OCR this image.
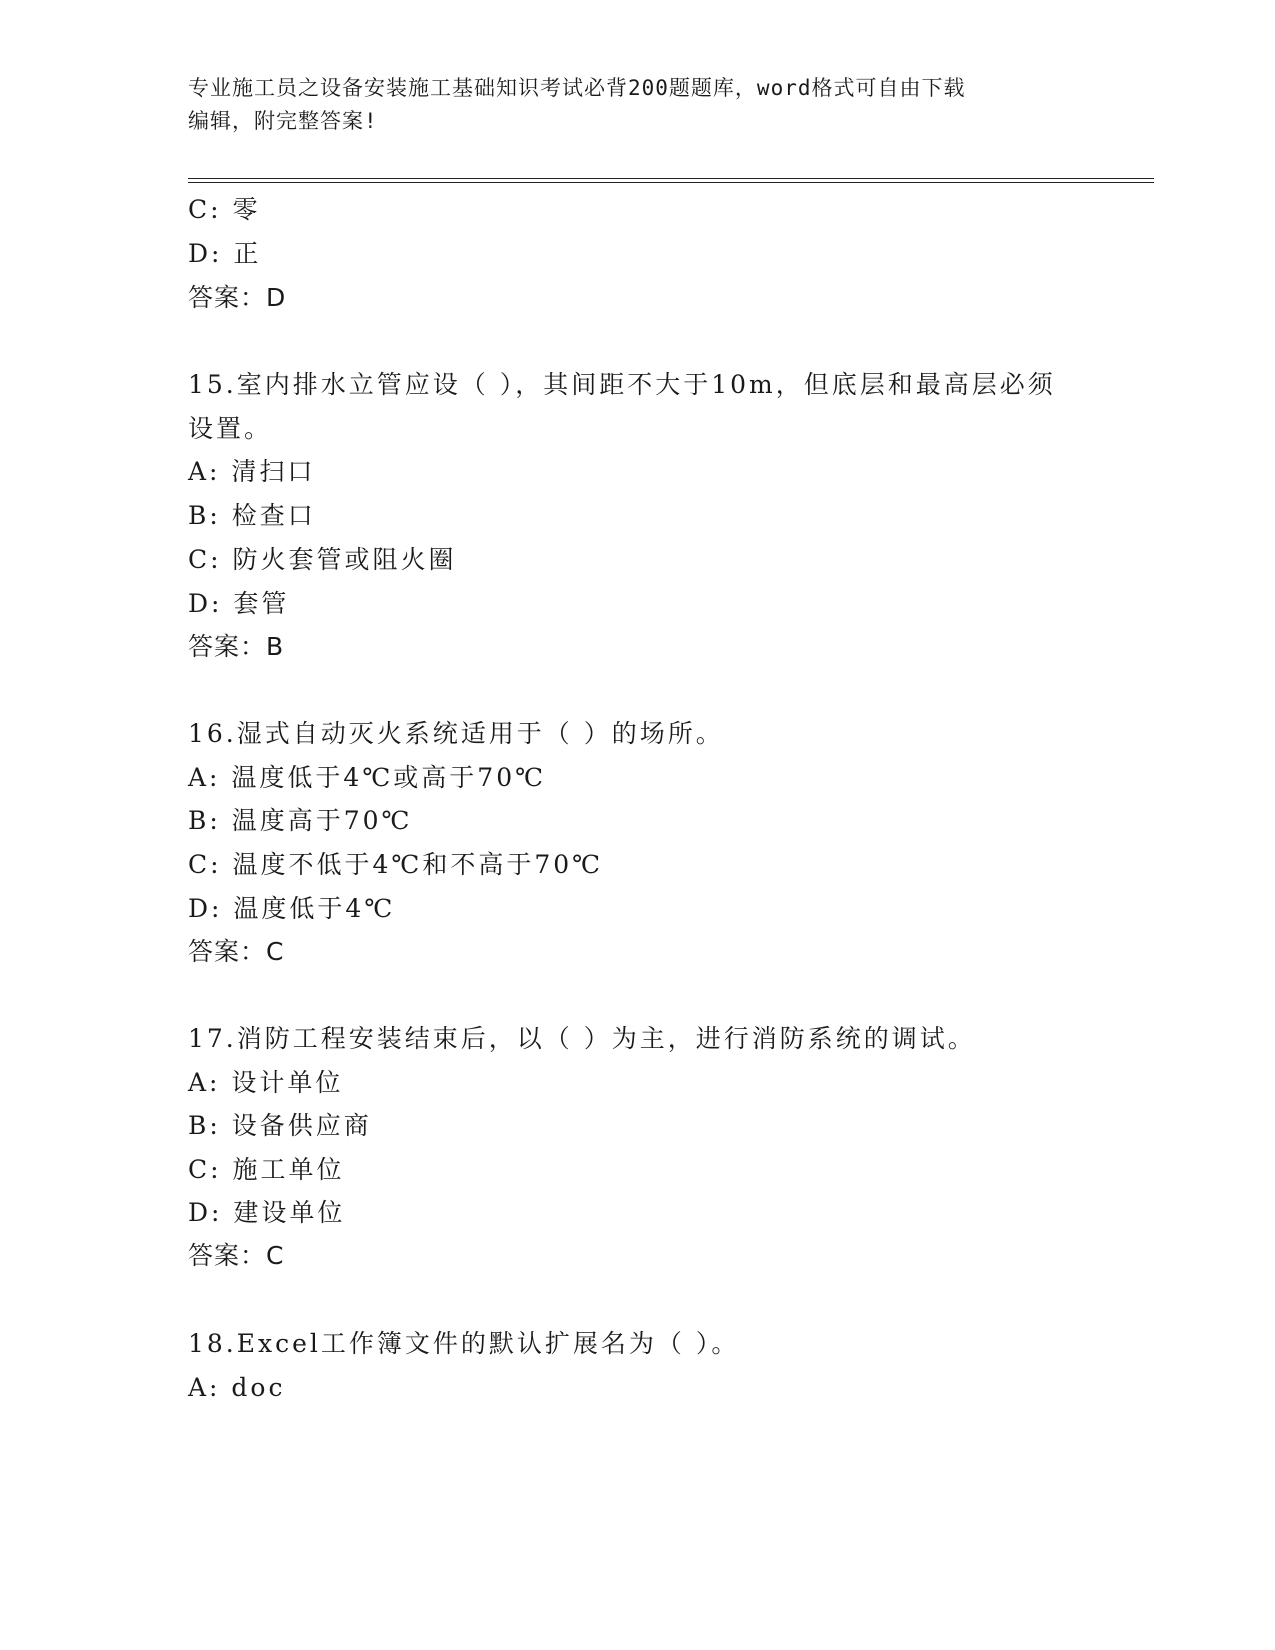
专业施工员之设备安装施工基础知识考试必背200题题库，word格式可自由下载
编辑，附完整答案!
C: 零
D: 正
答案：D
15.室内排水立管应设（ ），其间距不大于10m，但底层和最高层必须
设置。
A: 清扫口
B: 检查口
C: 防火套管或阻火圈
D: 套管
答案：B
16.湿式自动灭火系统适用于（ ）的场所。
A: 温度低于4℃或高于70℃
B: 温度高于70℃
C: 温度不低于4℃和不高于70℃
D: 温度低于4℃
答案：C
17.消防工程安装结束后，以（ ）为主，进行消防系统的调试。
A: 设计单位
B: 设备供应商
C: 施工单位
D: 建设单位
答案：C
18.Excel工作簿文件的默认扩展名为（ ）。
A: doc
